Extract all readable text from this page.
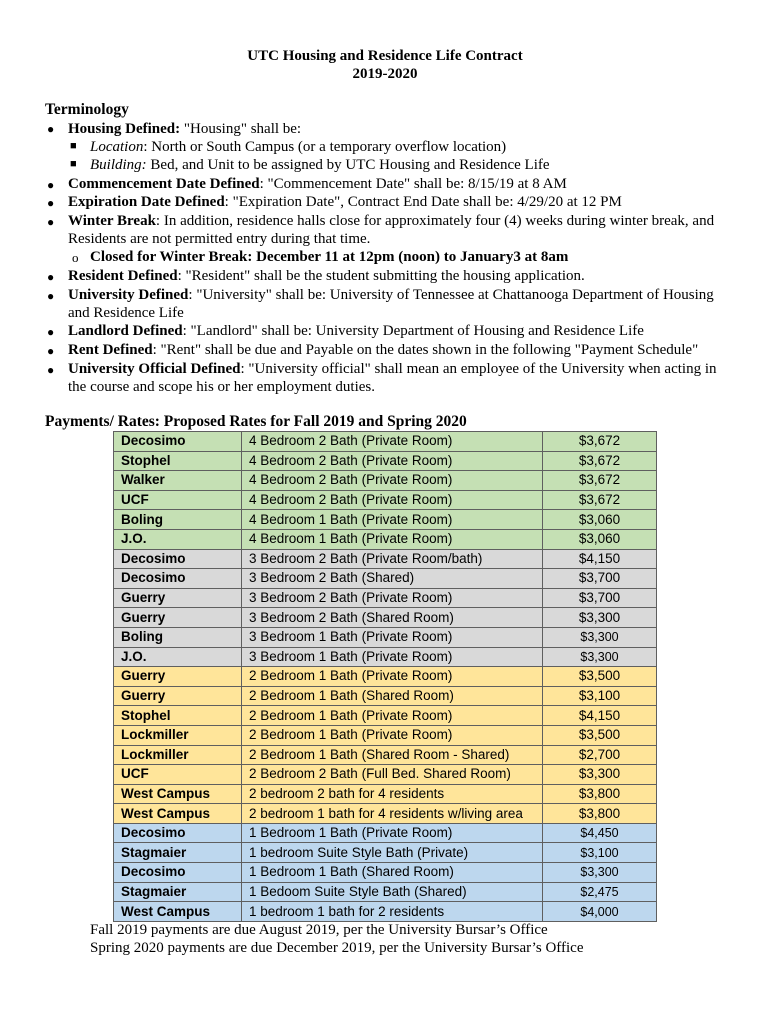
UTC Housing and Residence Life Contract
2019-2020
Terminology
● Housing Defined: "Housing" shall be:
■ Location: North or South Campus (or a temporary overflow location)
■ Building: Bed, and Unit to be assigned by UTC Housing and Residence Life
● Commencement Date Defined: "Commencement Date" shall be: 8/15/19 at 8 AM
● Expiration Date Defined: "Expiration Date", Contract End Date shall be: 4/29/20 at 12 PM
● Winter Break: In addition, residence halls close for approximately four (4) weeks during winter break, and
Residents are not permitted entry during that time.
o Closed for Winter Break: December 11 at 12pm (noon) to January3 at 8am
● Resident Defined: "Resident" shall be the student submitting the housing application.
● University Defined: "University" shall be: University of Tennessee at Chattanooga Department of Housing
and Residence Life
● Landlord Defined: "Landlord" shall be: University Department of Housing and Residence Life
● Rent Defined: "Rent" shall be due and Payable on the dates shown in the following "Payment Schedule"
● University Official Defined: "University official" shall mean an employee of the University when acting in
the course and scope his or her employment duties.
Payments/ Rates: Proposed Rates for Fall 2019 and Spring 2020
Decosimo	4 Bedroom 2 Bath (Private Room)	$3,672
Stophel	4 Bedroom 2 Bath (Private Room)	$3,672
Walker	4 Bedroom 2 Bath (Private Room)	$3,672
UCF	4 Bedroom 2 Bath (Private Room)	$3,672
Boling	4 Bedroom 1 Bath (Private Room)	$3,060
J.O.	4 Bedroom 1 Bath (Private Room)	$3,060
Decosimo	3 Bedroom 2 Bath (Private Room/bath)	$4,150
Decosimo	3 Bedroom 2 Bath (Shared)	$3,700
Guerry	3 Bedroom 2 Bath (Private Room)	$3,700
Guerry	3 Bedroom 2 Bath (Shared Room)	$3,300
Boling	3 Bedroom 1 Bath (Private Room)	$3,300
J.O.	3 Bedroom 1 Bath (Private Room)	$3,300
Guerry	2 Bedroom 1 Bath (Private Room)	$3,500
Guerry	2 Bedroom 1 Bath (Shared Room)	$3,100
Stophel	2 Bedroom 1 Bath (Private Room)	$4,150
Lockmiller	2 Bedroom 1 Bath (Private Room)	$3,500
Lockmiller	2 Bedroom 1 Bath (Shared Room - Shared)	$2,700
UCF	2 Bedroom 2 Bath (Full Bed. Shared Room)	$3,300
West Campus	2 bedroom 2 bath for 4 residents	$3,800
West Campus	2 bedroom 1 bath for 4 residents w/living area	$3,800
Decosimo	1 Bedroom 1 Bath (Private Room)	$4,450
Stagmaier	1 bedroom Suite Style Bath (Private)	$3,100
Decosimo	1 Bedroom 1 Bath (Shared Room)	$3,300
Stagmaier	1 Bedoom Suite Style Bath (Shared)	$2,475
West Campus	1 bedroom 1 bath for 2 residents	$4,000
Fall 2019 payments are due August 2019, per the University Bursar’s Office
Spring 2020 payments are due December 2019, per the University Bursar’s Office
